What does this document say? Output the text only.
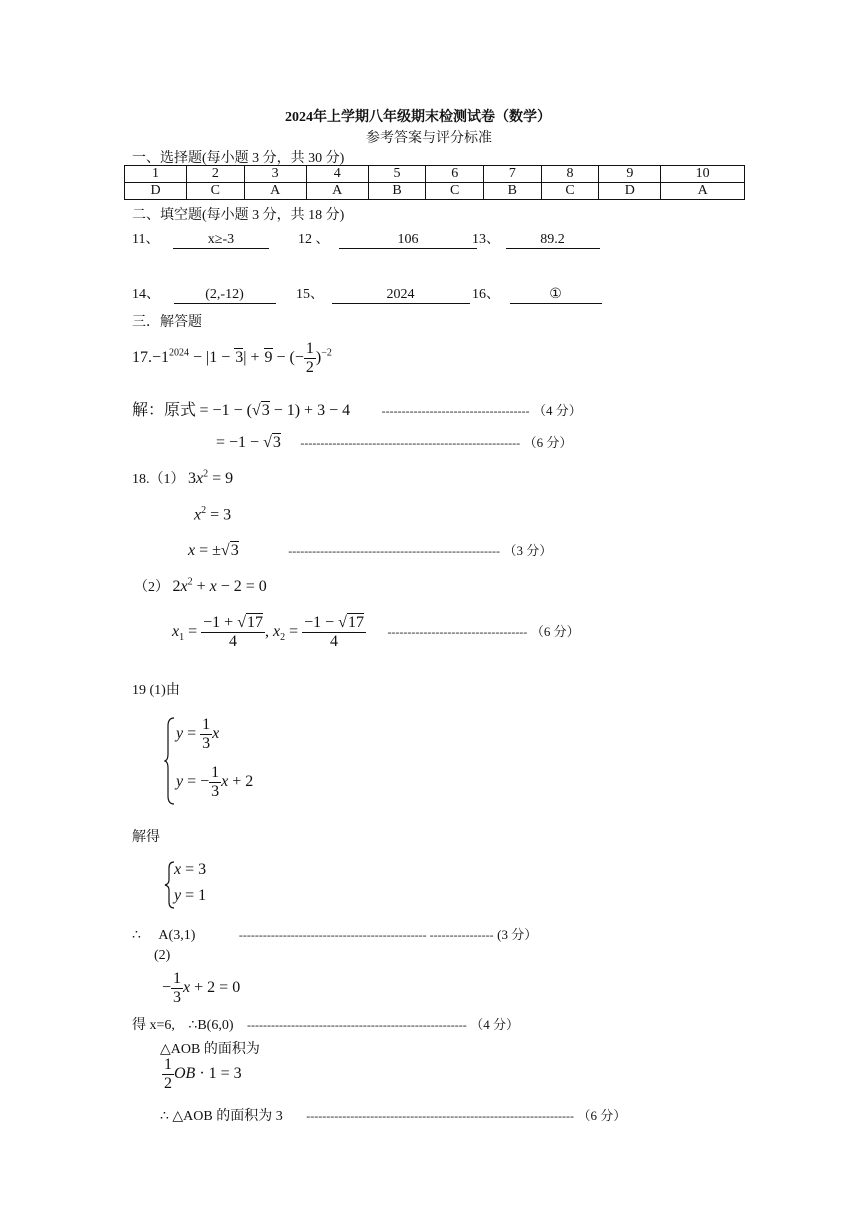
2024年上学期八年级期末检测试卷（数学）
参考答案与评分标准
一、选择题(每小题 3 分，共 30 分)
1	2	3	4	5	6	7	8	9	10
D	C	A	A	B	C	B	C	D	A
二、填空题(每小题 3 分，共 18 分)
11、	x≥-3	12 、	106	13、	89.2
14、	(2,-12)	15、	2024	16、	①
三．解答题
$17.-1^{2024} - |1 - 3| + 9$ − (− $\frac{1}{2} )^{-2}$
解：原式 = −1 − (√3 − 1) + 3 − 4	------------------------------------- （4 分）
= −1 − √3 ------------------------------------------------------- （6 分）
18.（1） $3x^2 = 9$
$x^2 = 3$
x = ±√3	----------------------------------------------------- （3 分）
（2） $2x^2 + x - 2 = 0$
$x_1 = \frac{-1 + √17}{4}$ , $x_2 = \frac{-1 - √17}{4}$ ----------------------------------- （6 分）
19 (1)由
$y = \frac{1}{3}$ x
y = − $\frac{1}{3}$ x + 2
解得
x = 3
y = 1
∴ A(3,1)	----------------------------------------------- ---------------- (3 分）
(2)
− $\frac{1}{3}$ x + 2 = 0
得 x=6, ∴B(6,0) ------------------------------------------------------- （4 分）
△AOB 的面积为
$\frac{1}{2}$ OB · 1 = 3
∴ △AOB 的面积为 3 ------------------------------------------------------------------- （6 分）
